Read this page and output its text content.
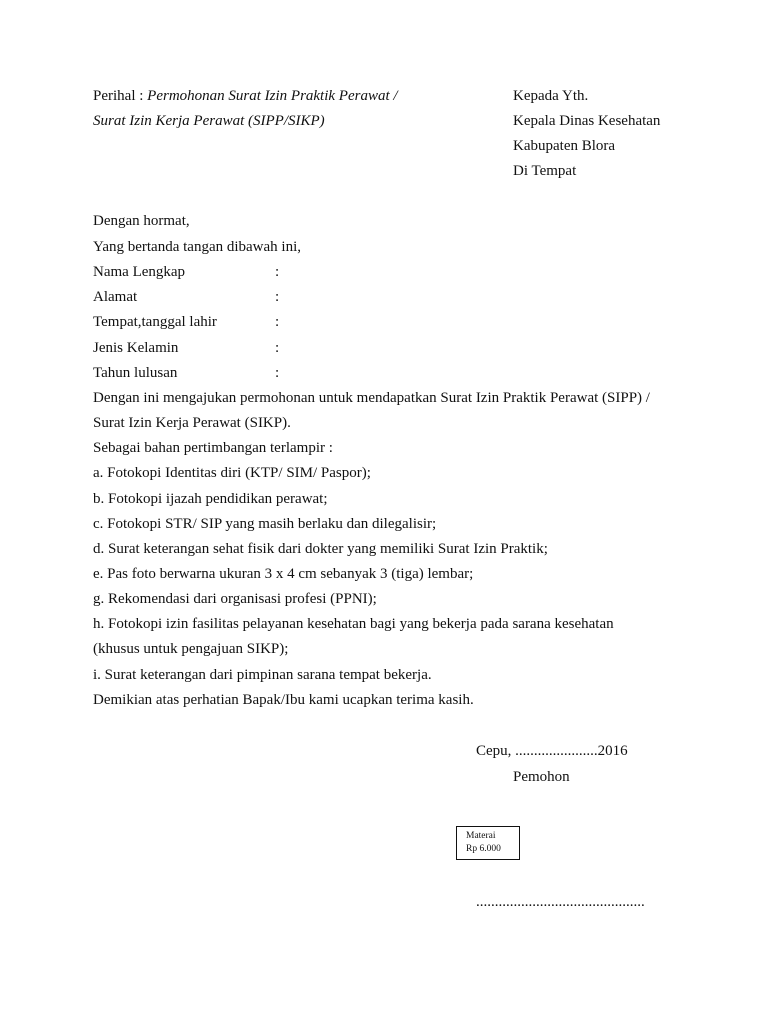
Perihal : Permohonan Surat Izin Praktik Perawat /
Surat Izin Kerja Perawat (SIPP/SIKP)
Kepada Yth.
Kepala Dinas Kesehatan
Kabupaten Blora
Di Tempat
Dengan hormat,
Yang bertanda tangan dibawah ini,
Nama Lengkap	:
Alamat	:
Tempat,tanggal lahir	:
Jenis Kelamin	:
Tahun lulusan	:
Dengan ini mengajukan permohonan untuk mendapatkan Surat Izin Praktik Perawat (SIPP) /
Surat Izin Kerja Perawat (SIKP).
Sebagai bahan pertimbangan terlampir :
a. Fotokopi Identitas diri (KTP/ SIM/ Paspor);
b. Fotokopi ijazah pendidikan perawat;
c. Fotokopi STR/ SIP yang masih berlaku dan dilegalisir;
d. Surat keterangan sehat fisik dari dokter yang memiliki Surat Izin Praktik;
e. Pas foto berwarna ukuran 3 x 4 cm sebanyak 3 (tiga) lembar;
g. Rekomendasi dari organisasi profesi (PPNI);
h. Fotokopi izin fasilitas pelayanan kesehatan bagi yang bekerja pada sarana kesehatan
(khusus untuk pengajuan SIKP);
i. Surat keterangan dari pimpinan sarana tempat bekerja.
Demikian atas perhatian Bapak/Ibu kami ucapkan terima kasih.
Cepu, ......................2016
Pemohon
Materai
Rp 6.000
.............................................
